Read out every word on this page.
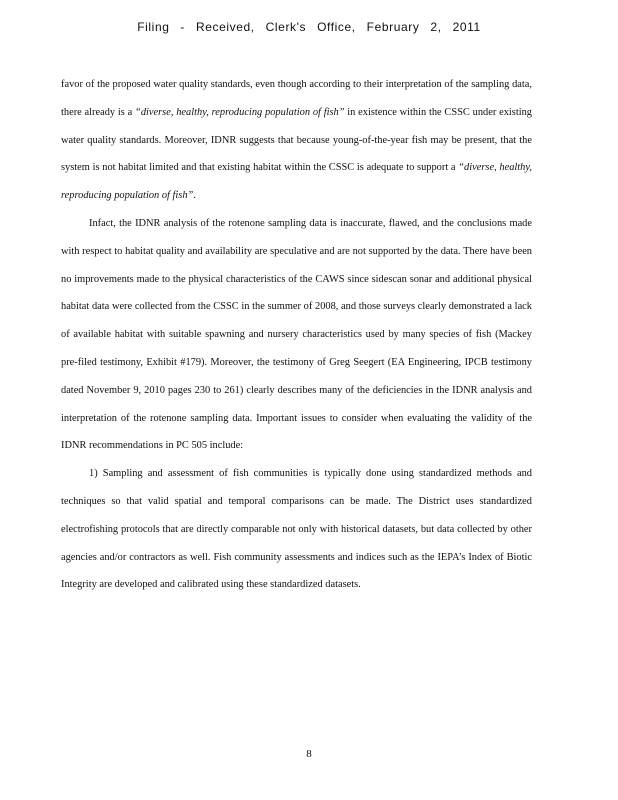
Filing - Received, Clerk's Office, February 2, 2011

favor of the proposed water quality standards, even though according to their interpretation of the sampling data, there already is a “diverse, healthy, reproducing population of fish” in existence within the CSSC under existing water quality standards. Moreover, IDNR suggests that because young-of-the-year fish may be present, that the system is not habitat limited and that existing habitat within the CSSC is adequate to support a “diverse, healthy, reproducing population of fish”.

Infact, the IDNR analysis of the rotenone sampling data is inaccurate, flawed, and the conclusions made with respect to habitat quality and availability are speculative and are not supported by the data. There have been no improvements made to the physical characteristics of the CAWS since sidescan sonar and additional physical habitat data were collected from the CSSC in the summer of 2008, and those surveys clearly demonstrated a lack of available habitat with suitable spawning and nursery characteristics used by many species of fish (Mackey pre-filed testimony, Exhibit #179). Moreover, the testimony of Greg Seegert (EA Engineering, IPCB testimony dated November 9, 2010 pages 230 to 261) clearly describes many of the deficiencies in the IDNR analysis and interpretation of the rotenone sampling data. Important issues to consider when evaluating the validity of the IDNR recommendations in PC 505 include:

1) Sampling and assessment of fish communities is typically done using standardized methods and techniques so that valid spatial and temporal comparisons can be made. The District uses standardized electrofishing protocols that are directly comparable not only with historical datasets, but data collected by other agencies and/or contractors as well. Fish community assessments and indices such as the IEPA’s Index of Biotic Integrity are developed and calibrated using these standardized datasets.

8
